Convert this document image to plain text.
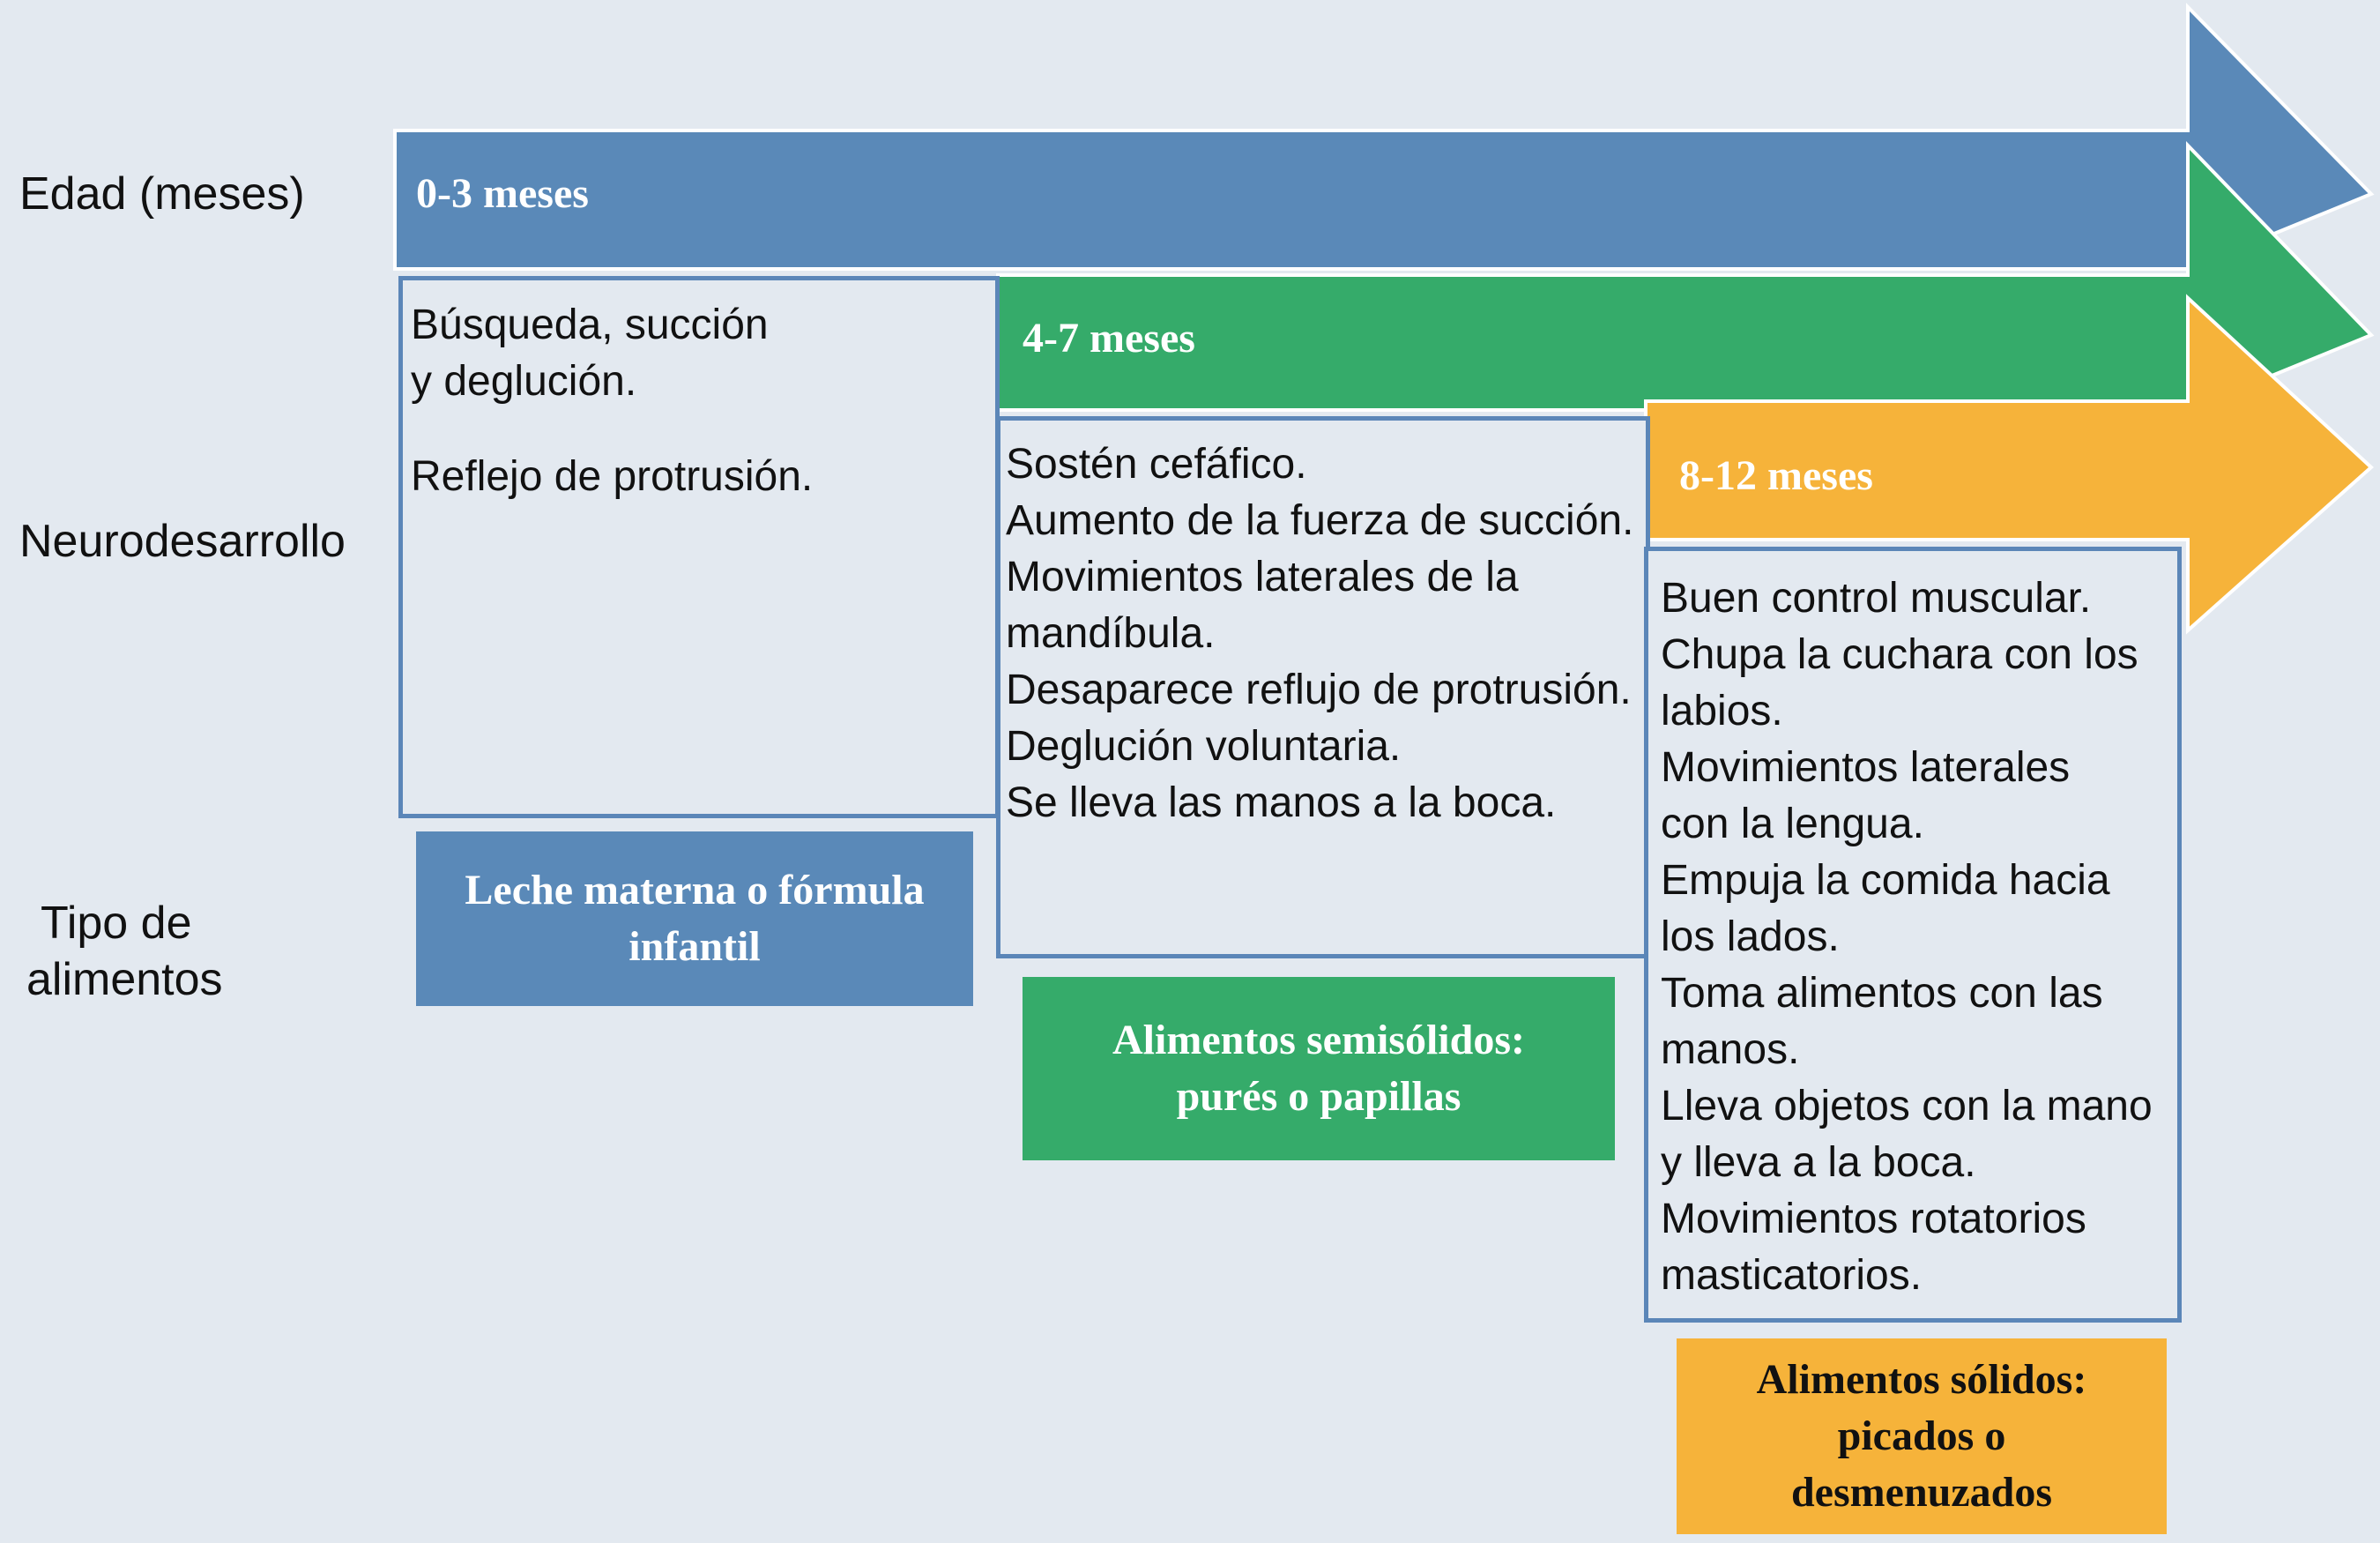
Edad (meses)
Neurodesarrollo
Tipo de
alimentos
0-3 meses
4-7 meses
8-12 meses
Búsqueda, succión
y deglución.
Reflejo de protrusión.	Sostén cefáfico.
Aumento de la fuerza de succión.
Movimientos laterales de la
mandíbula.
Desaparece reflujo de protrusión.
Deglución voluntaria.
Se lleva las manos a la boca.
Buen control muscular.
Chupa la cuchara con los
labios.
Movimientos laterales
con la lengua.
Empuja la comida hacia
los lados.
Toma alimentos con las
manos.
Lleva objetos con la mano
y lleva a la boca.
Movimientos rotatorios
masticatorios.
Leche materna o fórmula
infantil
Alimentos semisólidos:
purés o papillas
Alimentos sólidos:
picados o
desmenuzados
